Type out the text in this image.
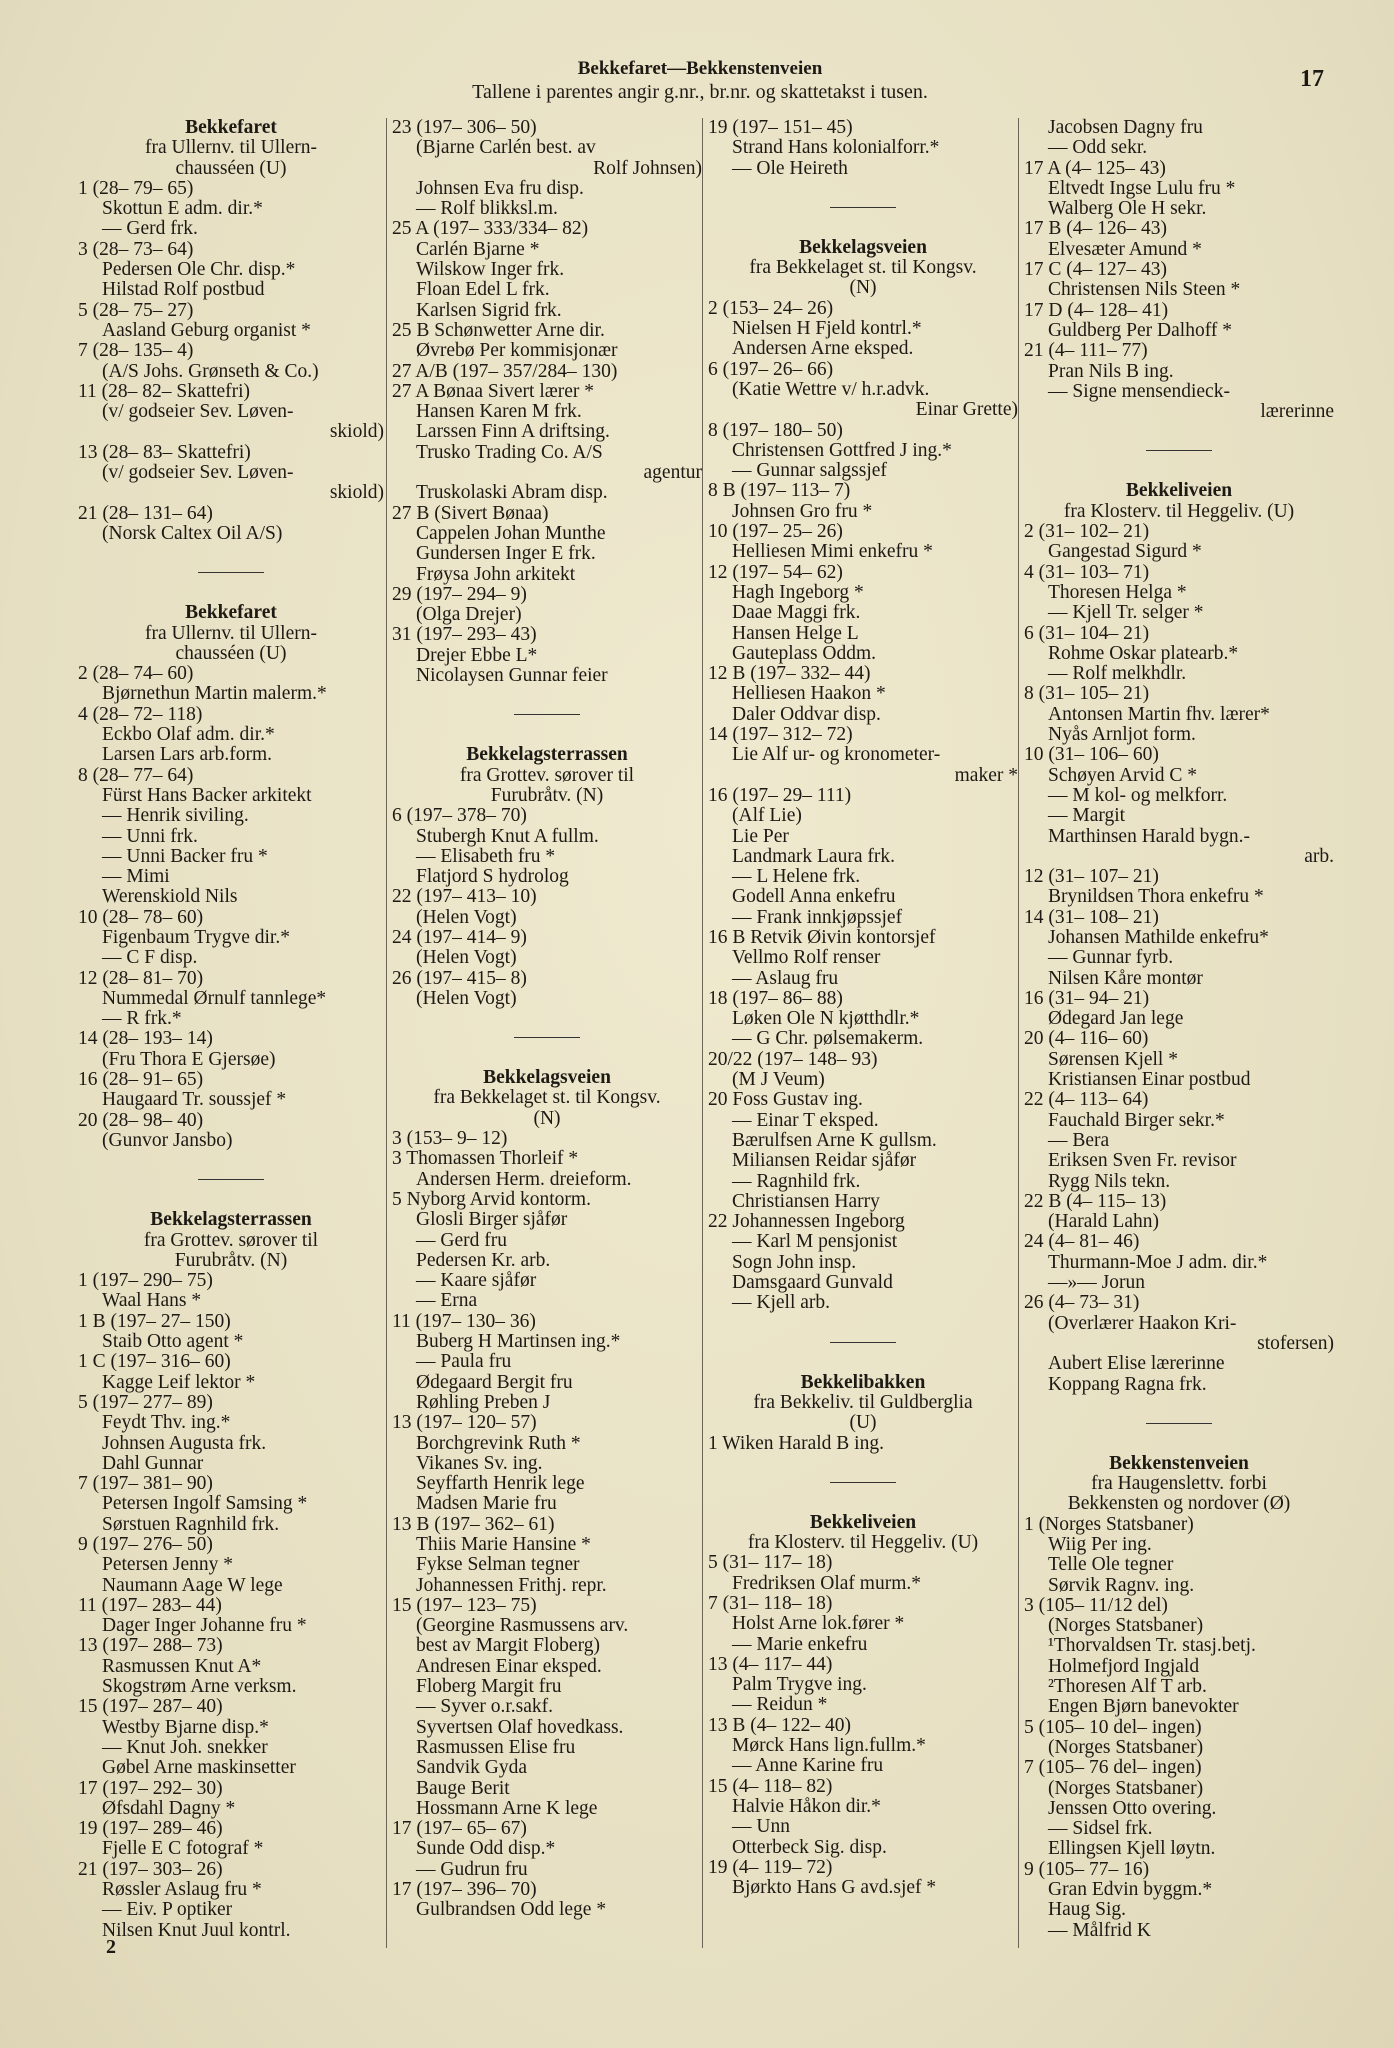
Bekkefaret—Bekkenstenveien
Tallene i parentes angir g.nr., br.nr. og skattetakst i tusen.	17
Bekkefaret
fra Ullernv. til Ullern-
chausséen (U)
1 (28– 79– 65)
Skottun E adm. dir.*
— Gerd frk.
3 (28– 73– 64)
Pedersen Ole Chr. disp.*
Hilstad Rolf postbud
5 (28– 75– 27)
Aasland Geburg organist *
7 (28– 135– 4)
(A/S Johs. Grønseth & Co.)
11 (28– 82– Skattefri)
(v/ godseier Sev. Løven-
skiold)
13 (28– 83– Skattefri)
(v/ godseier Sev. Løven-
skiold)
21 (28– 131– 64)
(Norsk Caltex Oil A/S)
Bekkefaret
fra Ullernv. til Ullern-
chausséen (U)
2 (28– 74– 60)
Bjørnethun Martin malerm.*
4 (28– 72– 118)
Eckbo Olaf adm. dir.*
Larsen Lars arb.form.
8 (28– 77– 64)
Fürst Hans Backer arkitekt
— Henrik siviling.
— Unni frk.
— Unni Backer fru *
— Mimi
Werenskiold Nils
10 (28– 78– 60)
Figenbaum Trygve dir.*
— C F disp.
12 (28– 81– 70)
Nummedal Ørnulf tannlege*
— R frk.*
14 (28– 193– 14)
(Fru Thora E Gjersøe)
16 (28– 91– 65)
Haugaard Tr. soussjef *
20 (28– 98– 40)
(Gunvor Jansbo)
Bekkelagsterrassen
fra Grottev. sørover til
Furubråtv. (N)
1 (197– 290– 75)
Waal Hans *
1 B (197– 27– 150)
Staib Otto agent *
1 C (197– 316– 60)
Kagge Leif lektor *
5 (197– 277– 89)
Feydt Thv. ing.*
Johnsen Augusta frk.
Dahl Gunnar
7 (197– 381– 90)
Petersen Ingolf Samsing *
Sørstuen Ragnhild frk.
9 (197– 276– 50)
Petersen Jenny *
Naumann Aage W lege
11 (197– 283– 44)
Dager Inger Johanne fru *
13 (197– 288– 73)
Rasmussen Knut A*
Skogstrøm Arne verksm.
15 (197– 287– 40)
Westby Bjarne disp.*
— Knut Joh. snekker
Gøbel Arne maskinsetter
17 (197– 292– 30)
Øfsdahl Dagny *
19 (197– 289– 46)
Fjelle E C fotograf *
21 (197– 303– 26)
Røssler Aslaug fru *
— Eiv. P optiker
Nilsen Knut Juul kontrl.
23 (197– 306– 50)
(Bjarne Carlén best. av
Rolf Johnsen)
Johnsen Eva fru disp.
— Rolf blikksl.m.
25 A (197– 333/334– 82)
Carlén Bjarne *
Wilskow Inger frk.
Floan Edel L frk.
Karlsen Sigrid frk.
25 B Schønwetter Arne dir.
Øvrebø Per kommisjonær
27 A/B (197– 357/284– 130)
27 A Bønaa Sivert lærer *
Hansen Karen M frk.
Larssen Finn A driftsing.
Trusko Trading Co. A/S
agentur
Truskolaski Abram disp.
27 B (Sivert Bønaa)
Cappelen Johan Munthe
Gundersen Inger E frk.
Frøysa John arkitekt
29 (197– 294– 9)
(Olga Drejer)
31 (197– 293– 43)
Drejer Ebbe L*
Nicolaysen Gunnar feier
Bekkelagsterrassen
fra Grottev. sørover til
Furubråtv. (N)
6 (197– 378– 70)
Stubergh Knut A fullm.
— Elisabeth fru *
Flatjord S hydrolog
22 (197– 413– 10)
(Helen Vogt)
24 (197– 414– 9)
(Helen Vogt)
26 (197– 415– 8)
(Helen Vogt)
Bekkelagsveien
fra Bekkelaget st. til Kongsv.
(N)
3 (153– 9– 12)
3 Thomassen Thorleif *
Andersen Herm. dreieform.
5 Nyborg Arvid kontorm.
Glosli Birger sjåfør
— Gerd fru
Pedersen Kr. arb.
— Kaare sjåfør
— Erna
11 (197– 130– 36)
Buberg H Martinsen ing.*
— Paula fru
Ødegaard Bergit fru
Røhling Preben J
13 (197– 120– 57)
Borchgrevink Ruth *
Vikanes Sv. ing.
Seyffarth Henrik lege
Madsen Marie fru
13 B (197– 362– 61)
Thiis Marie Hansine *
Fykse Selman tegner
Johannessen Frithj. repr.
15 (197– 123– 75)
(Georgine Rasmussens arv.
best av Margit Floberg)
Andresen Einar eksped.
Floberg Margit fru
— Syver o.r.sakf.
Syvertsen Olaf hovedkass.
Rasmussen Elise fru
Sandvik Gyda
Bauge Berit
Hossmann Arne K lege
17 (197– 65– 67)
Sunde Odd disp.*
— Gudrun fru
17 (197– 396– 70)
Gulbrandsen Odd lege *
19 (197– 151– 45)
Strand Hans kolonialforr.*
— Ole Heireth
Bekkelagsveien
fra Bekkelaget st. til Kongsv.
(N)
2 (153– 24– 26)
Nielsen H Fjeld kontrl.*
Andersen Arne eksped.
6 (197– 26– 66)
(Katie Wettre v/ h.r.advk.
Einar Grette)
8 (197– 180– 50)
Christensen Gottfred J ing.*
— Gunnar salgssjef
8 B (197– 113– 7)
Johnsen Gro fru *
10 (197– 25– 26)
Helliesen Mimi enkefru *
12 (197– 54– 62)
Hagh Ingeborg *
Daae Maggi frk.
Hansen Helge L
Gauteplass Oddm.
12 B (197– 332– 44)
Helliesen Haakon *
Daler Oddvar disp.
14 (197– 312– 72)
Lie Alf ur- og kronometer-
maker *
16 (197– 29– 111)
(Alf Lie)
Lie Per
Landmark Laura frk.
— L Helene frk.
Godell Anna enkefru
— Frank innkjøpssjef
16 B Retvik Øivin kontorsjef
Vellmo Rolf renser
— Aslaug fru
18 (197– 86– 88)
Løken Ole N kjøtthdlr.*
— G Chr. pølsemakerm.
20/22 (197– 148– 93)
(M J Veum)
20 Foss Gustav ing.
— Einar T eksped.
Bærulfsen Arne K gullsm.
Miliansen Reidar sjåfør
— Ragnhild frk.
Christiansen Harry
22 Johannessen Ingeborg
— Karl M pensjonist
Sogn John insp.
Damsgaard Gunvald
— Kjell arb.
Bekkelibakken
fra Bekkeliv. til Guldberglia
(U)
1 Wiken Harald B ing.
Bekkeliveien
fra Klosterv. til Heggeliv. (U)
5 (31– 117– 18)
Fredriksen Olaf murm.*
7 (31– 118– 18)
Holst Arne lok.fører *
— Marie enkefru
13 (4– 117– 44)
Palm Trygve ing.
— Reidun *
13 B (4– 122– 40)
Mørck Hans lign.fullm.*
— Anne Karine fru
15 (4– 118– 82)
Halvie Håkon dir.*
— Unn
Otterbeck Sig. disp.
19 (4– 119– 72)
Bjørkto Hans G avd.sjef *
Jacobsen Dagny fru
— Odd sekr.
17 A (4– 125– 43)
Eltvedt Ingse Lulu fru *
Walberg Ole H sekr.
17 B (4– 126– 43)
Elvesæter Amund *
17 C (4– 127– 43)
Christensen Nils Steen *
17 D (4– 128– 41)
Guldberg Per Dalhoff *
21 (4– 111– 77)
Pran Nils B ing.
— Signe mensendieck-
lærerinne
Bekkeliveien
fra Klosterv. til Heggeliv. (U)
2 (31– 102– 21)
Gangestad Sigurd *
4 (31– 103– 71)
Thoresen Helga *
— Kjell Tr. selger *
6 (31– 104– 21)
Rohme Oskar platearb.*
— Rolf melkhdlr.
8 (31– 105– 21)
Antonsen Martin fhv. lærer*
Nyås Arnljot form.
10 (31– 106– 60)
Schøyen Arvid C *
— M kol- og melkforr.
— Margit
Marthinsen Harald bygn.-
arb.
12 (31– 107– 21)
Brynildsen Thora enkefru *
14 (31– 108– 21)
Johansen Mathilde enkefru*
— Gunnar fyrb.
Nilsen Kåre montør
16 (31– 94– 21)
Ødegard Jan lege
20 (4– 116– 60)
Sørensen Kjell *
Kristiansen Einar postbud
22 (4– 113– 64)
Fauchald Birger sekr.*
— Bera
Eriksen Sven Fr. revisor
Rygg Nils tekn.
22 B (4– 115– 13)
(Harald Lahn)
24 (4– 81– 46)
Thurmann-Moe J adm. dir.*
—»— Jorun
26 (4– 73– 31)
(Overlærer Haakon Kri-
stofersen)
Aubert Elise lærerinne
Koppang Ragna frk.
Bekkenstenveien
fra Haugenslettv. forbi
Bekkensten og nordover (Ø)
1 (Norges Statsbaner)
Wiig Per ing.
Telle Ole tegner
Sørvik Ragnv. ing.
3 (105– 11/12 del)
(Norges Statsbaner)
¹Thorvaldsen Tr. stasj.betj.
Holmefjord Ingjald
²Thoresen Alf T arb.
Engen Bjørn banevokter
5 (105– 10 del– ingen)
(Norges Statsbaner)
7 (105– 76 del– ingen)
(Norges Statsbaner)
Jenssen Otto overing.
— Sidsel frk.
Ellingsen Kjell løytn.
9 (105– 77– 16)
Gran Edvin byggm.*
Haug Sig.
— Målfrid K
2
